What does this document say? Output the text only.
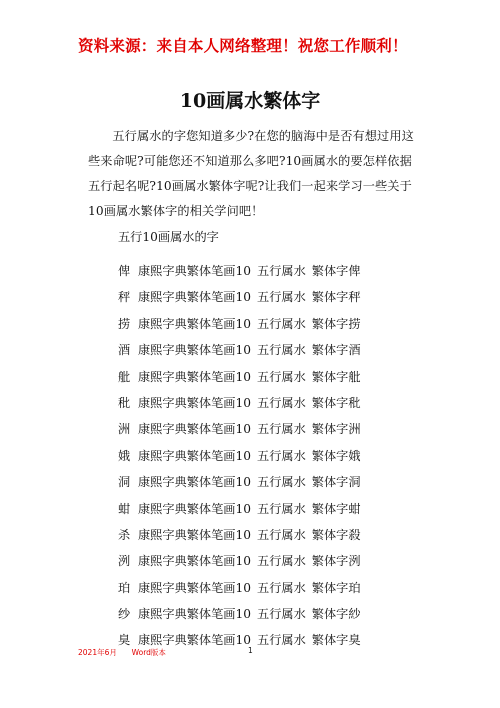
资料来源：来自本人网络整理！祝您工作顺利！
10画属水繁体字
五行属水的字您知道多少?在您的脑海中是否有想过用这些来命呢?可能您还不知道那么多吧?10画属水的要怎样依据五行起名呢?10画属水繁体字呢?让我们一起来学习一些关于10画属水繁体字的相关学问吧！
五行10画属水的字
俾 康熙字典繁体笔画10 五行属水 繁体字俾
秤 康熙字典繁体笔画10 五行属水 繁体字秤
捞 康熙字典繁体笔画10 五行属水 繁体字捞
酒 康熙字典繁体笔画10 五行属水 繁体字酒
舭 康熙字典繁体笔画10 五行属水 繁体字舭
秕 康熙字典繁体笔画10 五行属水 繁体字秕
洲 康熙字典繁体笔画10 五行属水 繁体字洲
娥 康熙字典繁体笔画10 五行属水 繁体字娥
洞 康熙字典繁体笔画10 五行属水 繁体字洞
蚶 康熙字典繁体笔画10 五行属水 繁体字蚶
杀 康熙字典繁体笔画10 五行属水 繁体字殺
洌 康熙字典繁体笔画10 五行属水 繁体字洌
珀 康熙字典繁体笔画10 五行属水 繁体字珀
纱 康熙字典繁体笔画10 五行属水 繁体字紗
臭 康熙字典繁体笔画10 五行属水 繁体字臭
2021年6月 Word版本	1
